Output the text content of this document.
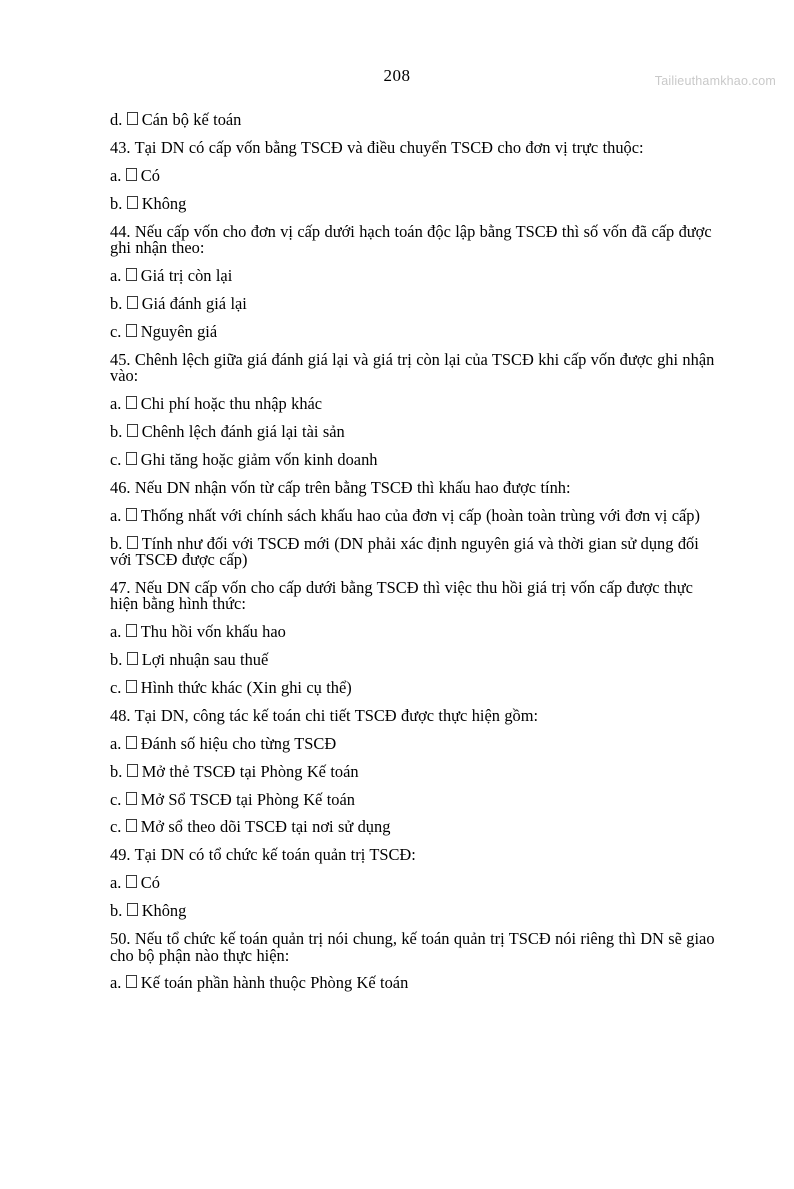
Tailieuthamkhao.com
208

d. Cán bộ kế toán

43. Tại DN có cấp vốn bằng TSCĐ và điều chuyển TSCĐ cho đơn vị trực thuộc:

a. Có

b. Không

44. Nếu cấp vốn cho đơn vị cấp dưới hạch toán độc lập bằng TSCĐ thì số vốn đã cấp được ghi nhận theo:

a. Giá trị còn lại

b. Giá đánh giá lại

c. Nguyên giá

45. Chênh lệch giữa giá đánh giá lại và giá trị còn lại của TSCĐ khi cấp vốn được ghi nhận vào:

a. Chi phí hoặc thu nhập khác

b. Chênh lệch đánh giá lại tài sản

c. Ghi tăng hoặc giảm vốn kinh doanh

46. Nếu DN nhận vốn từ cấp trên bằng TSCĐ thì khấu hao được tính:

a. Thống nhất với chính sách khấu hao của đơn vị cấp (hoàn toàn trùng với đơn vị cấp)

b. Tính như đối với TSCĐ mới (DN phải xác định nguyên giá và thời gian sử dụng đối với TSCĐ được cấp)

47. Nếu DN cấp vốn cho cấp dưới bằng TSCĐ thì việc thu hồi giá trị vốn cấp được thực hiện bằng hình thức:

a. Thu hồi vốn khấu hao

b. Lợi nhuận sau thuế

c. Hình thức khác (Xin ghi cụ thể)

48. Tại DN, công tác kế toán chi tiết TSCĐ được thực hiện gồm:

a. Đánh số hiệu cho từng TSCĐ

b. Mở thẻ TSCĐ tại Phòng Kế toán

c. Mở Sổ TSCĐ tại Phòng Kế toán

c. Mở sổ theo dõi TSCĐ tại nơi sử dụng

49. Tại DN có tổ chức kế toán quản trị TSCĐ:

a. Có

b. Không

50. Nếu tổ chức kế toán quản trị nói chung, kế toán quản trị TSCĐ nói riêng thì DN sẽ giao cho bộ phận nào thực hiện:

a. Kế toán phần hành thuộc Phòng Kế toán
